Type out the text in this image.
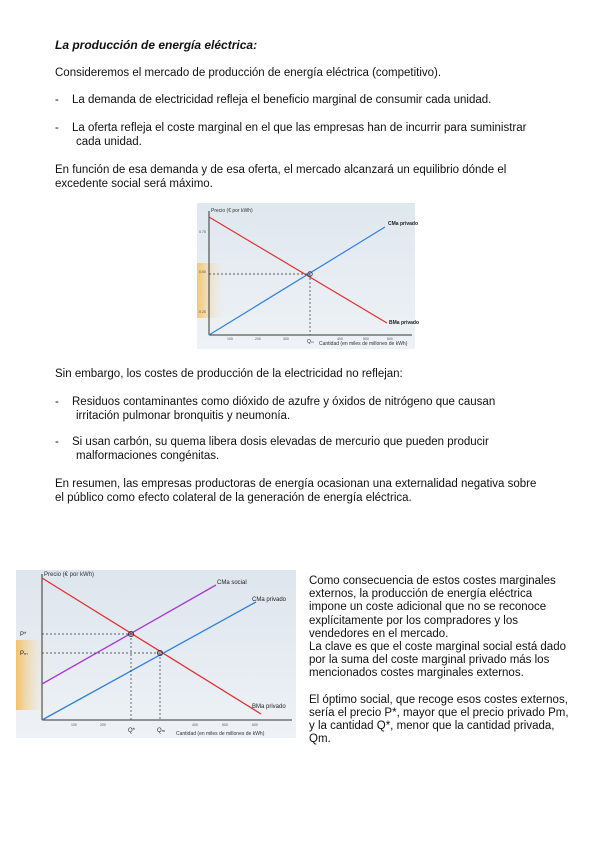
La producción de energía eléctrica:
Consideremos el mercado de producción de energía eléctrica (competitivo).
- La demanda de electricidad refleja el beneficio marginal de consumir cada unidad.
- La oferta refleja el coste marginal en el que las empresas han de incurrir para suministrar
cada unidad.
En función de esa demanda y de esa oferta, el mercado alcanzará un equilibrio dónde el
excedente social será máximo.
Precio (€ por kWh)
Cantidad (en miles de millones de kWh)
CMa privado
BMa privado
Qₘ
100	200	300	400	500	600
0.75
0.50
0.25
Sin embargo, los costes de producción de la electricidad no reflejan:
- Residuos contaminantes como dióxido de azufre y óxidos de nitrógeno que causan
irritación pulmonar bronquitis y neumonía.
- Si usan carbón, su quema libera dosis elevadas de mercurio que pueden producir
malformaciones congénitas.
En resumen, las empresas productoras de energía ocasionan una externalidad negativa sobre
el público como efecto colateral de la generación de energía eléctrica.
Precio (€ por kWh)
Cantidad (en miles de millones de kWh)
CMa social
CMa privado
BMa privado
P*
Pₘ
Q*	Qₘ
100	200	400	500	600

Como consecuencia de estos costes marginales externos, la producción de energía eléctrica impone un coste adicional que no se reconoce explícitamente por los compradores y los vendedores en el mercado.

La clave es que el coste marginal social está dado por la suma del coste marginal privado más los mencionados costes marginales externos.

El óptimo social, que recoge esos costes externos, sería el precio P*, mayor que el precio privado Pm, y la cantidad Q*, menor que la cantidad privada, Qm.
